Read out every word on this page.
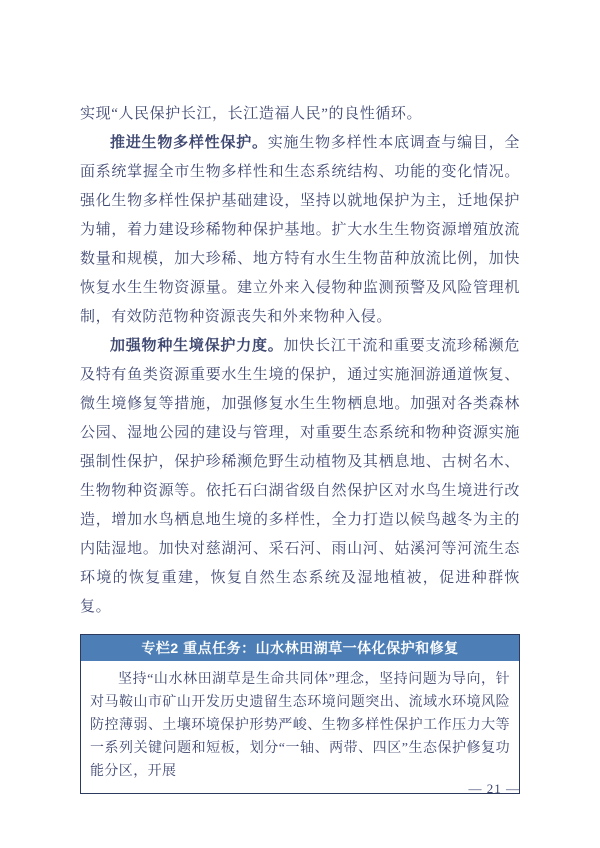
实现“人民保护长江，长江造福人民”的良性循环。

推进生物多样性保护。实施生物多样性本底调查与编目，全面系统掌握全市生物多样性和生态系统结构、功能的变化情况。强化生物多样性保护基础建设，坚持以就地保护为主，迁地保护为辅，着力建设珍稀物种保护基地。扩大水生生物资源增殖放流数量和规模，加大珍稀、地方特有水生生物苗种放流比例，加快恢复水生生物资源量。建立外来入侵物种监测预警及风险管理机制，有效防范物种资源丧失和外来物种入侵。

加强物种生境保护力度。加快长江干流和重要支流珍稀濒危及特有鱼类资源重要水生生境的保护，通过实施洄游通道恢复、微生境修复等措施，加强修复水生生物栖息地。加强对各类森林公园、湿地公园的建设与管理，对重要生态系统和物种资源实施强制性保护，保护珍稀濒危野生动植物及其栖息地、古树名木、生物物种资源等。依托石臼湖省级自然保护区对水鸟生境进行改造，增加水鸟栖息地生境的多样性，全力打造以候鸟越冬为主的内陆湿地。加快对慈湖河、采石河、雨山河、姑溪河等河流生态环境的恢复重建，恢复自然生态系统及湿地植被，促进种群恢复。

专栏2 重点任务：山水林田湖草一体化保护和修复
坚持“山水林田湖草是生命共同体”理念，坚持问题为导向，针对马鞍山市矿山开发历史遗留生态环境问题突出、流域水环境风险防控薄弱、土壤环境保护形势严峻、生物多样性保护工作压力大等一系列关键问题和短板，划分“一轴、两带、四区”生态保护修复功能分区，开展
— 21 —
